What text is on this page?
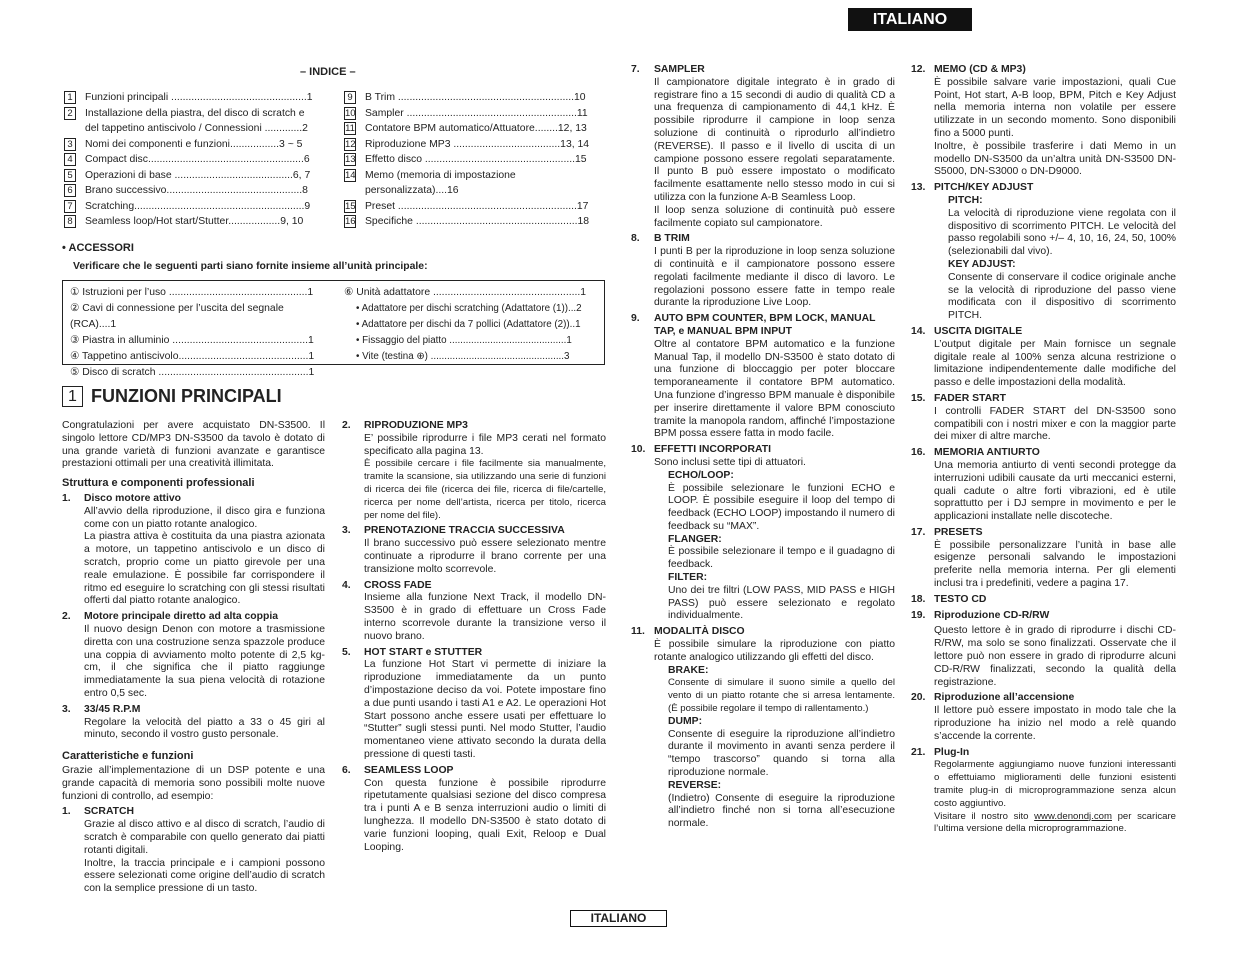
ITALIANO
– INDICE –
1	Funzioni principali ...............................................1
2	Installazione della piastra, del disco di scratch e
del tappetino antiscivolo / Connessioni .............2
3	Nomi dei componenti e funzioni.................3 ~ 5
4	Compact disc......................................................6
5	Operazioni di base .........................................6, 7
6	Brano successivo...............................................8
7	Scratching...........................................................9
8	Seamless loop/Hot start/Stutter..................9, 10
9	B Trim .............................................................10
10 Sampler ...........................................................11
11 Contatore BPM automatico/Attuatore........12, 13
12 Riproduzione MP3 .....................................13, 14
13 Effetto disco ....................................................15
14 Memo (memoria di impostazione personalizzata)....16
15 Preset ..............................................................17
16 Specifiche ........................................................18
• ACCESSORI
Verificare che le seguenti parti siano fornite insieme all’unità principale:
① Istruzioni per l’uso ................................................1
② Cavi di connessione per l’uscita del segnale (RCA)....1
③ Piastra in alluminio ...............................................1
④ Tappetino antiscivolo.............................................1
⑤ Disco di scratch ....................................................1
⑥ Unità adattatore ...................................................1
• Adattatore per dischi scratching (Adattatore (1))...2
• Adattatore per dischi da 7 pollici (Adattatore (2))..1
• Fissaggio del piatto ...........................................1
• Vite (testina ⊕) .................................................3
1 FUNZIONI PRINCIPALI

Congratulazioni per avere acquistato DN-S3500. Il singolo lettore CD/MP3 DN-S3500 da tavolo è dotato di una grande varietà di funzioni avanzate e garantisce prestazioni ottimali per una creatività illimitata.

Struttura e componenti professionali

1.	Disco motore attivo

All’avvio della riproduzione, il disco gira e funziona come con un piatto rotante analogico.

La piastra attiva è costituita da una piastra azionata a motore, un tappetino antiscivolo e un disco di scratch, proprio come un piatto girevole per una reale emulazione. È possibile far corrispondere il ritmo ed eseguire lo scratching con gli stessi risultati offerti dal piatto rotante analogico.

2.	Motore principale diretto ad alta coppia

Il nuovo design Denon con motore a trasmissione diretta con una costruzione senza spazzole produce una coppia di avviamento molto potente di 2,5 kg-cm, il che significa che il piatto raggiunge immediatamente la sua piena velocità di rotazione entro 0,5 sec.

3.	33/45 R.P.M

Regolare la velocità del piatto a 33 o 45 giri al minuto, secondo il vostro gusto personale.

Caratteristiche e funzioni

Grazie all’implementazione di un DSP potente e una grande capacità di memoria sono possibili molte nuove funzioni di controllo, ad esempio:

1.	SCRATCH

Grazie al disco attivo e al disco di scratch, l’audio di scratch è comparabile con quello generato dai piatti rotanti digitali.

Inoltre, la traccia principale e i campioni possono essere selezionati come origine dell’audio di scratch con la semplice pressione di un tasto.

2.	RIPRODUZIONE MP3

E’ possibile riprodurre i file MP3 cerati nel formato specificato alla pagina 13.

È possibile cercare i file facilmente sia manualmente, tramite la scansione, sia utilizzando una serie di funzioni di ricerca dei file (ricerca dei file, ricerca di file/cartelle, ricerca per nome dell’artista, ricerca per titolo, ricerca per nome del file).

3.	PRENOTAZIONE TRACCIA SUCCESSIVA

Il brano successivo può essere selezionato mentre continuate a riprodurre il brano corrente per una transizione molto scorrevole.

4.	CROSS FADE

Insieme alla funzione Next Track, il modello DN-S3500 è in grado di effettuare un Cross Fade interno scorrevole durante la transizione verso il nuovo brano.

5.	HOT START e STUTTER

La funzione Hot Start vi permette di iniziare la riproduzione immediatamente da un punto d’impostazione deciso da voi. Potete impostare fino a due punti usando i tasti A1 e A2. Le operazioni Hot Start possono anche essere usati per effettuare lo “Stutter” sugli stessi punti. Nel modo Stutter, l’audio momentaneo viene attivato secondo la durata della pressione di questi tasti.

6.	SEAMLESS LOOP

Con questa funzione è possibile riprodurre ripetutamente qualsiasi sezione del disco compresa tra i punti A e B senza interruzioni audio o limiti di lunghezza. Il modello DN-S3500 è stato dotato di varie funzioni looping, quali Exit, Reloop e Dual Looping.

7.	SAMPLER

Il campionatore digitale integrato è in grado di registrare fino a 15 secondi di audio di qualità CD a una frequenza di campionamento di 44,1 kHz. È possibile riprodurre il campione in loop senza soluzione di continuità o riprodurlo all’indietro (REVERSE). Il passo e il livello di uscita di un campione possono essere regolati separatamente. Il punto B può essere impostato o modificato facilmente esattamente nello stesso modo in cui si utilizza con la funzione A-B Seamless Loop.

Il loop senza soluzione di continuità può essere facilmente copiato sul campionatore.

8.	B TRIM

I punti B per la riproduzione in loop senza soluzione di continuità e il campionatore possono essere regolati facilmente mediante il disco di lavoro. Le regolazioni possono essere fatte in tempo reale durante la riproduzione Live Loop.

9.	AUTO BPM COUNTER, BPM LOCK, MANUAL TAP, e MANUAL BPM INPUT

Oltre al contatore BPM automatico e la funzione Manual Tap, il modello DN-S3500 è stato dotato di una funzione di bloccaggio per poter bloccare temporaneamente il contatore BPM automatico. Una funzione d’ingresso BPM manuale è disponibile per inserire direttamente il valore BPM conosciuto tramite la manopola random, affinché l’impostazione BPM possa essere fatta in modo facile.

10. EFFETTI INCORPORATI

Sono inclusi sette tipi di attuatori.

ECHO/LOOP:

È possibile selezionare le funzioni ECHO e LOOP. È possibile eseguire il loop del tempo di feedback (ECHO LOOP) impostando il numero di feedback su “MAX”.

FLANGER:

È possibile selezionare il tempo e il guadagno di feedback.

FILTER:

Uno dei tre filtri (LOW PASS, MID PASS e HIGH PASS) può essere selezionato e regolato individualmente.

11. MODALITÀ DISCO

È possibile simulare la riproduzione con piatto rotante analogico utilizzando gli effetti del disco.

BRAKE:

Consente di simulare il suono simile a quello del vento di un piatto rotante che si arresa lentamente. (È possibile regolare il tempo di rallentamento.)

DUMP:

Consente di eseguire la riproduzione all’indietro durante il movimento in avanti senza perdere il “tempo trascorso” quando si torna alla riproduzione normale.

REVERSE:

(Indietro) Consente di eseguire la riproduzione all’indietro finché non si torna all’esecuzione normale.

12. MEMO (CD & MP3)

È possibile salvare varie impostazioni, quali Cue Point, Hot start, A-B loop, BPM, Pitch e Key Adjust nella memoria interna non volatile per essere utilizzate in un secondo momento. Sono disponibili fino a 5000 punti.

Inoltre, è possibile trasferire i dati Memo in un modello DN-S3500 da un’altra unità DN-S3500 DN- S5000, DN-S3000 o DN-D9000.

13. PITCH/KEY ADJUST

PITCH:

La velocità di riproduzione viene regolata con il dispositivo di scorrimento PITCH. Le velocità del passo regolabili sono +/– 4, 10, 16, 24, 50, 100% (selezionabili dal vivo).

KEY ADJUST:

Consente di conservare il codice originale anche se la velocità di riproduzione del passo viene modificata con il dispositivo di scorrimento PITCH.

14. USCITA DIGITALE

L’output digitale per Main fornisce un segnale digitale reale al 100% senza alcuna restrizione o limitazione indipendentemente dalle modifiche del passo e delle impostazioni della modalità.

15. FADER START

I controlli FADER START del DN-S3500 sono compatibili con i nostri mixer e con la maggior parte dei mixer di altre marche.

16. MEMORIA ANTIURTO

Una memoria antiurto di venti secondi protegge da interruzioni udibili causate da urti meccanici esterni, quali cadute o altre forti vibrazioni, ed è utile soprattutto per i DJ sempre in movimento e per le applicazioni installate nelle discoteche.

17. PRESETS

È possibile personalizzare l’unità in base alle esigenze personali salvando le impostazioni preferite nella memoria interna. Per gli elementi inclusi tra i predefiniti, vedere a pagina 17.

18. TESTO CD
19. Riproduzione CD-R/RW

Questo lettore è in grado di riprodurre i dischi CD-R/RW, ma solo se sono finalizzati. Osservate che il lettore può non essere in grado di riprodurre alcuni CD-R/RW finalizzati, secondo la qualità della registrazione.

20. Riproduzione all’accensione

Il lettore può essere impostato in modo tale che la riproduzione ha inizio nel modo a relè quando s’accende la corrente.

21. Plug-In

Regolarmente aggiungiamo nuove funzioni interessanti o effettuiamo miglioramenti delle funzioni esistenti tramite plug-in di microprogrammazione senza alcun costo aggiuntivo.

Visitare il nostro sito www.denondj.com per scaricare l’ultima versione della microprogrammazione.

ITALIANO
